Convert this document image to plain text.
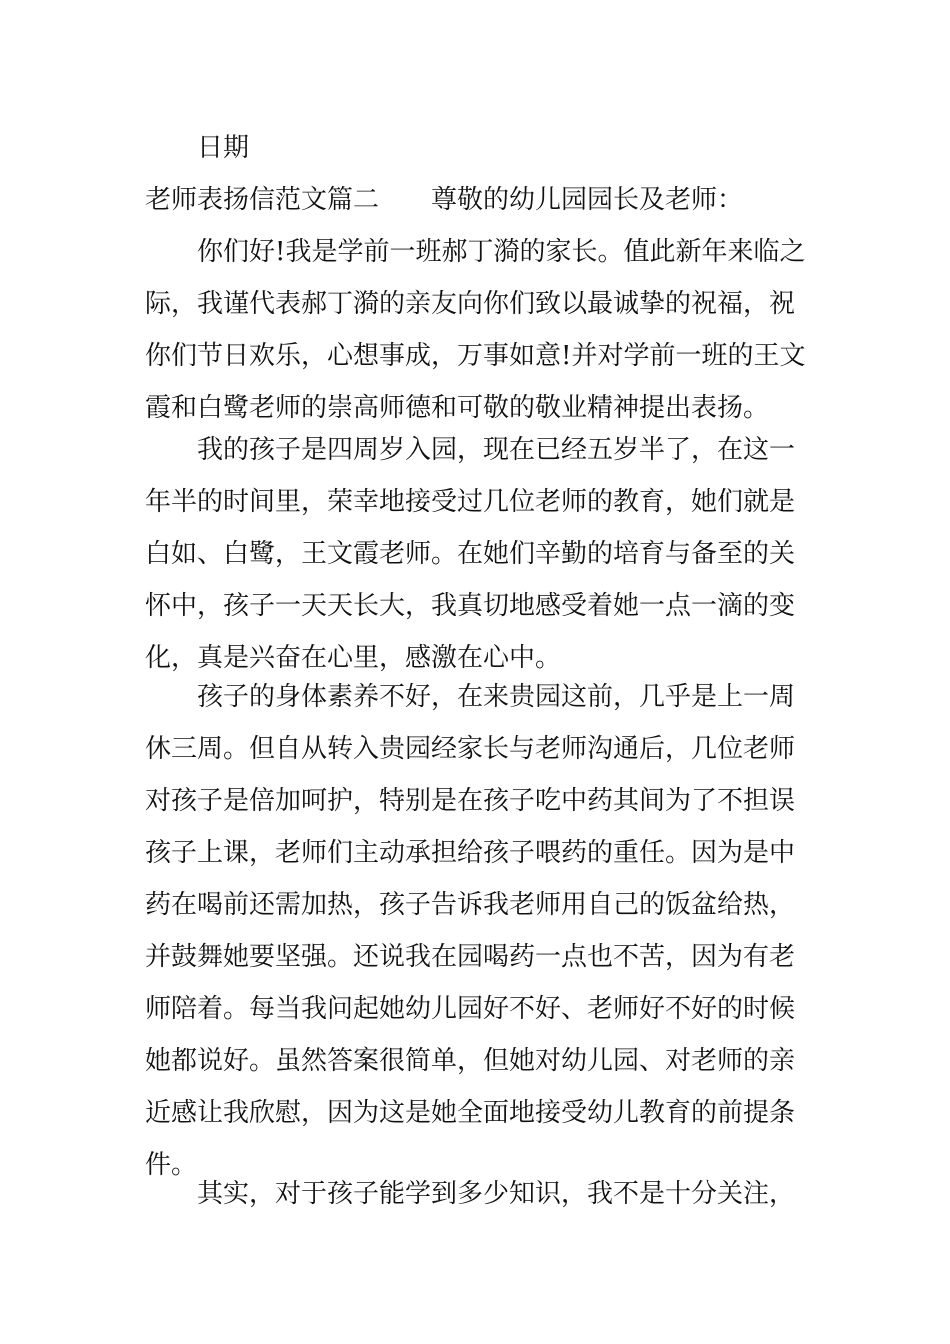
日期
老师表扬信范文篇二 尊敬的幼儿园园长及老师：
你们好!我是学前一班郝丁漪的家长。值此新年来临之
际，我谨代表郝丁漪的亲友向你们致以最诚挚的祝福，祝
你们节日欢乐，心想事成，万事如意!并对学前一班的王文
霞和白鹭老师的崇高师德和可敬的敬业精神提出表扬。
我的孩子是四周岁入园，现在已经五岁半了，在这一
年半的时间里，荣幸地接受过几位老师的教育，她们就是
白如、白鹭，王文霞老师。在她们辛勤的培育与备至的关
怀中，孩子一天天长大，我真切地感受着她一点一滴的变
化，真是兴奋在心里，感激在心中。
孩子的身体素养不好，在来贵园这前，几乎是上一周
休三周。但自从转入贵园经家长与老师沟通后，几位老师
对孩子是倍加呵护，特别是在孩子吃中药其间为了不担误
孩子上课，老师们主动承担给孩子喂药的重任。因为是中
药在喝前还需加热，孩子告诉我老师用自己的饭盆给热，
并鼓舞她要坚强。还说我在园喝药一点也不苦，因为有老
师陪着。每当我问起她幼儿园好不好、老师好不好的时候
她都说好。虽然答案很简单，但她对幼儿园、对老师的亲
近感让我欣慰，因为这是她全面地接受幼儿教育的前提条
件。
其实，对于孩子能学到多少知识，我不是十分关注，
